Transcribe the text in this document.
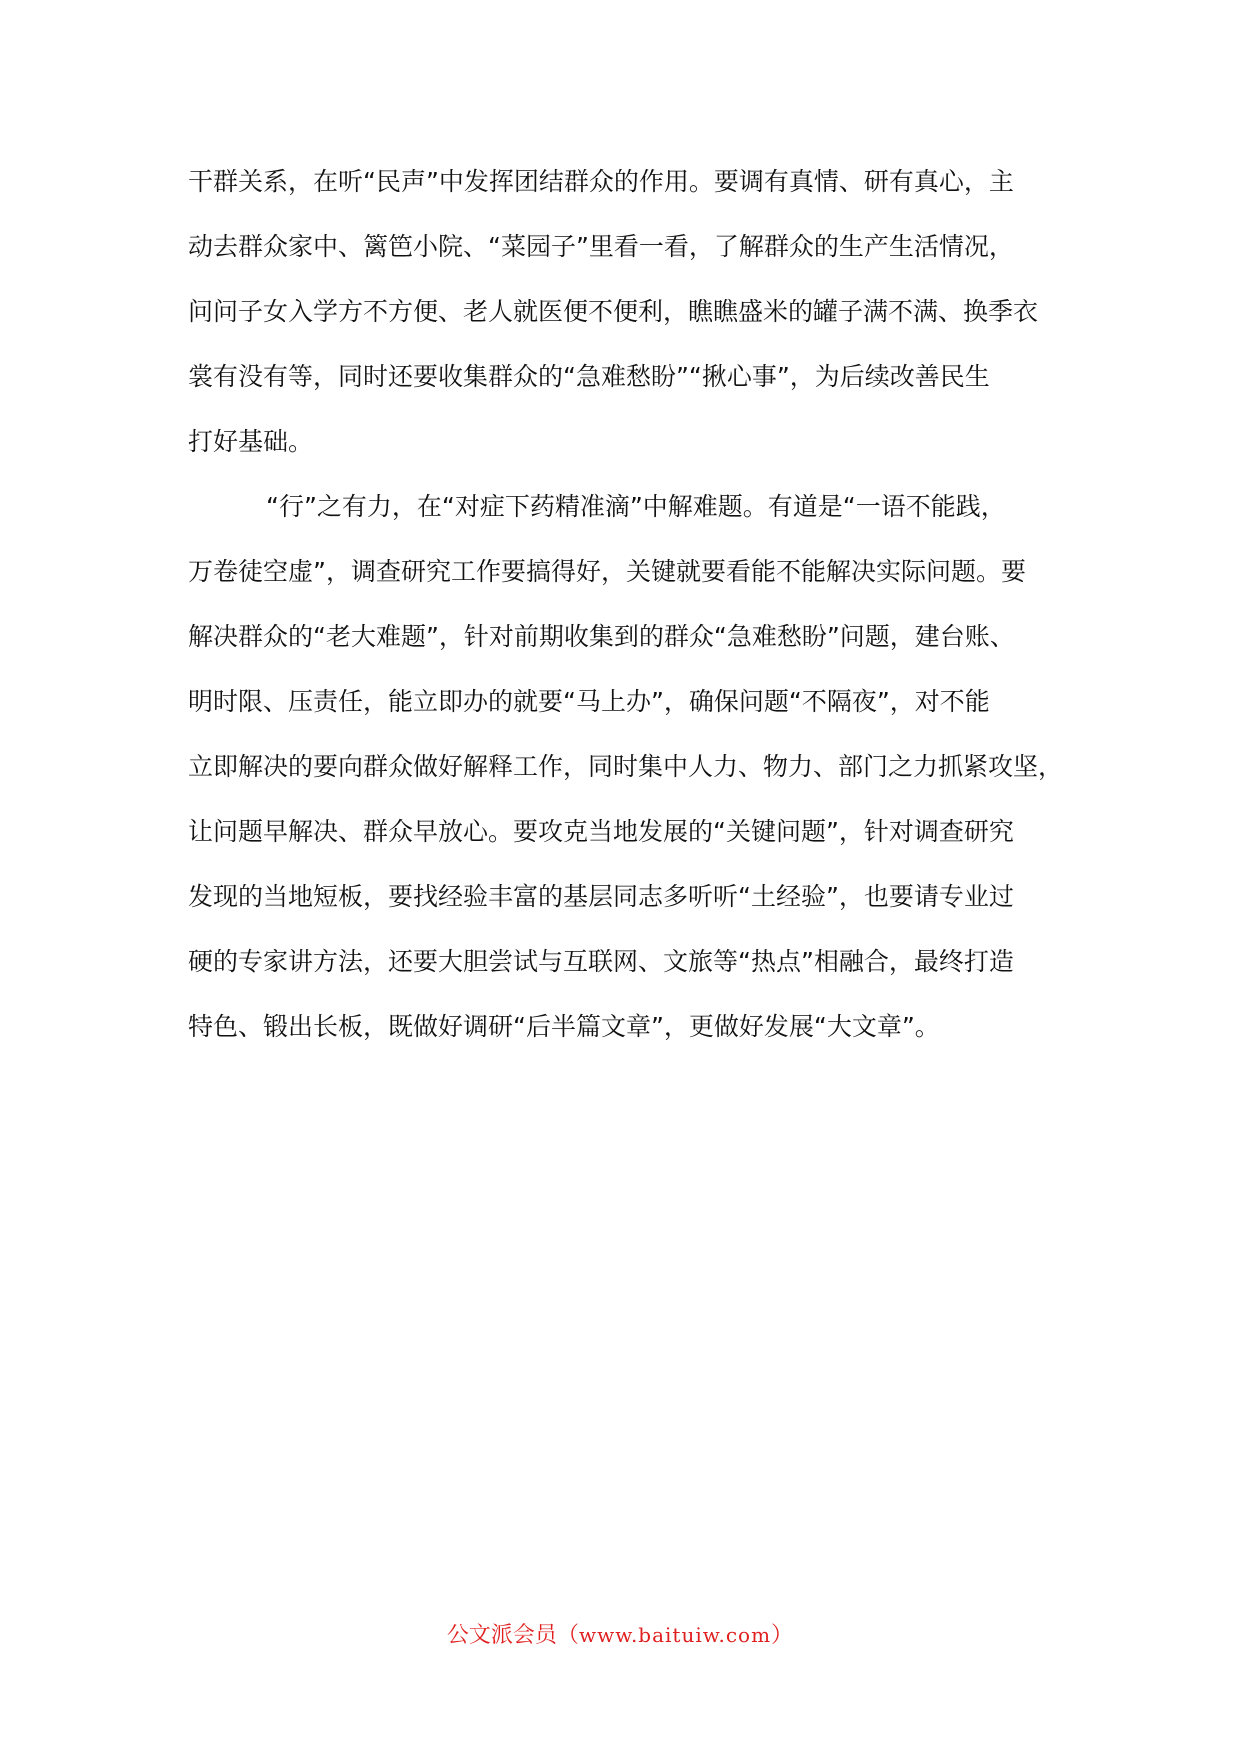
干群关系，在听“民声”中发挥团结群众的作用。要调有真情、研有真心，主
动去群众家中、篱笆小院、“菜园子”里看一看，了解群众的生产生活情况，
问问子女入学方不方便、老人就医便不便利，瞧瞧盛米的罐子满不满、换季衣
裳有没有等，同时还要收集群众的“急难愁盼”“揪心事”，为后续改善民生
打好基础。
“行”之有力，在“对症下药精准滴”中解难题。有道是“一语不能践，
万卷徒空虚”，调查研究工作要搞得好，关键就要看能不能解决实际问题。要
解决群众的“老大难题”，针对前期收集到的群众“急难愁盼”问题，建台账、
明时限、压责任，能立即办的就要“马上办”，确保问题“不隔夜”，对不能
立即解决的要向群众做好解释工作，同时集中人力、物力、部门之力抓紧攻坚，
让问题早解决、群众早放心。要攻克当地发展的“关键问题”，针对调查研究
发现的当地短板，要找经验丰富的基层同志多听听“土经验”，也要请专业过
硬的专家讲方法，还要大胆尝试与互联网、文旅等“热点”相融合，最终打造
特色、锻出长板，既做好调研“后半篇文章”，更做好发展“大文章”。
公文派会员（www.baituiw.com）
